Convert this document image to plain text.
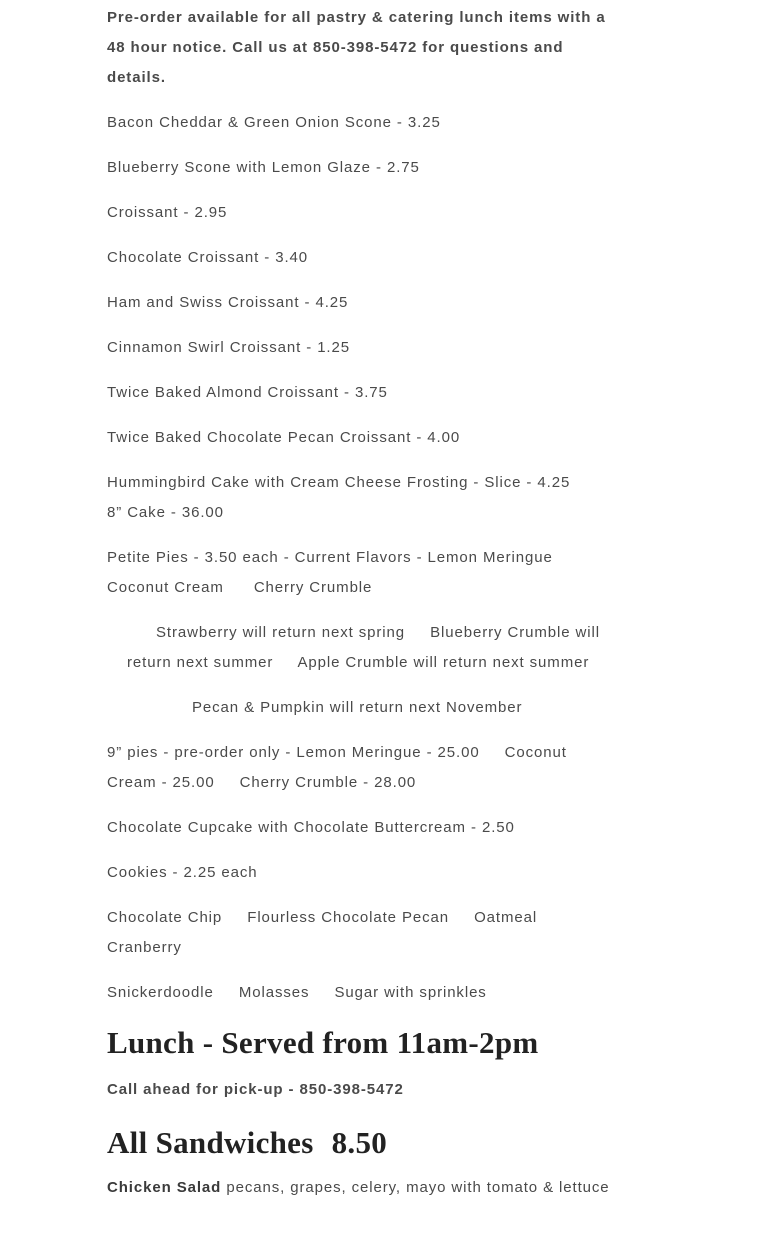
Pre-order available for all pastry & catering lunch items with a 48 hour notice. Call us at 850-398-5472 for questions and details.

Bacon Cheddar & Green Onion Scone - 3.25

Blueberry Scone with Lemon Glaze - 2.75

Croissant - 2.95

Chocolate Croissant - 3.40

Ham and Swiss Croissant - 4.25

Cinnamon Swirl Croissant - 1.25

Twice Baked Almond Croissant - 3.75

Twice Baked Chocolate Pecan Croissant - 4.00

Hummingbird Cake with Cream Cheese Frosting - Slice - 4.25
8” Cake - 36.00

Petite Pies - 3.50 each - Current Flavors - Lemon Meringue
Coconut Cream Cherry Crumble

Strawberry will return next spring Blueberry Crumble will
return next summer Apple Crumble will return next summer

Pecan & Pumpkin will return next November

9” pies - pre-order only - Lemon Meringue - 25.00 Coconut
Cream - 25.00 Cherry Crumble - 28.00

Chocolate Cupcake with Chocolate Buttercream - 2.50

Cookies - 2.25 each

Chocolate Chip Flourless Chocolate Pecan Oatmeal
Cranberry

Snickerdoodle Molasses Sugar with sprinkles

Lunch - Served from 11am-2pm

Call ahead for pick-up - 850-398-5472

All Sandwiches 8.50

Chicken Salad pecans, grapes, celery, mayo with tomato & lettuce
